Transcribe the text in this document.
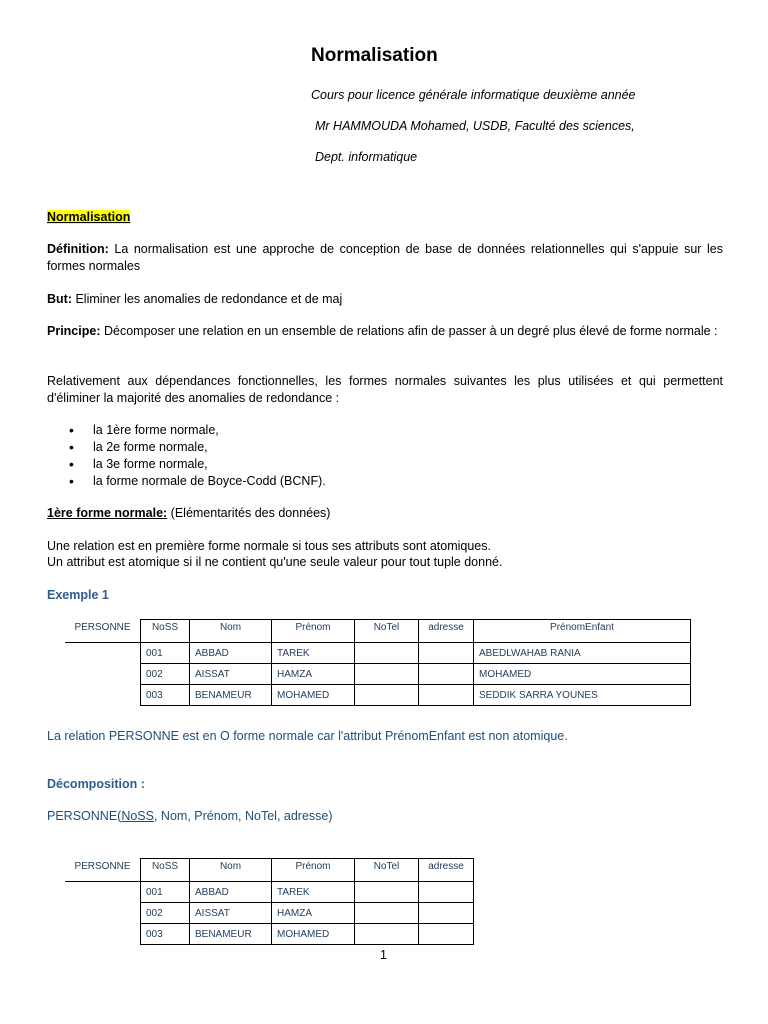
Normalisation
Cours pour licence générale informatique deuxième année
Mr HAMMOUDA Mohamed, USDB, Faculté des sciences,
Dept. informatique
Normalisation
Définition: La normalisation est une approche de conception de base de données relationnelles qui s'appuie sur les formes normales
But: Eliminer les anomalies de redondance et de maj
Principe: Décomposer une relation en un ensemble de relations afin de passer à un degré plus élevé de forme normale :
Relativement aux dépendances fonctionnelles, les formes normales suivantes les plus utilisées et qui permettent d'éliminer la majorité des anomalies de redondance :
• la 1ère forme normale,
• la 2e forme normale,
• la 3e forme normale,
• la forme normale de Boyce-Codd (BCNF).
1ère forme normale: (Elémentarités des données)
Une relation est en première forme normale si tous ses attributs sont atomiques.
Un attribut est atomique si il ne contient qu'une seule valeur pour tout tuple donné.
Exemple 1
PERSONNE	NoSS	Nom	Prénom	NoTel	adresse	PrénomEnfant
	001	ABBAD	TAREK			ABEDLWAHAB RANIA
	002	AISSAT	HAMZA			MOHAMED
	003	BENAMEUR	MOHAMED			SEDDIK SARRA YOUNES
La relation PERSONNE est en O forme normale car l'attribut PrénomEnfant est non atomique.
Décomposition :
PERSONNE(NoSS, Nom, Prénom, NoTel, adresse)
PERSONNE	NoSS	Nom	Prénom	NoTel	adresse
	001	ABBAD	TAREK		
	002	AISSAT	HAMZA		
	003	BENAMEUR	MOHAMED		
1
